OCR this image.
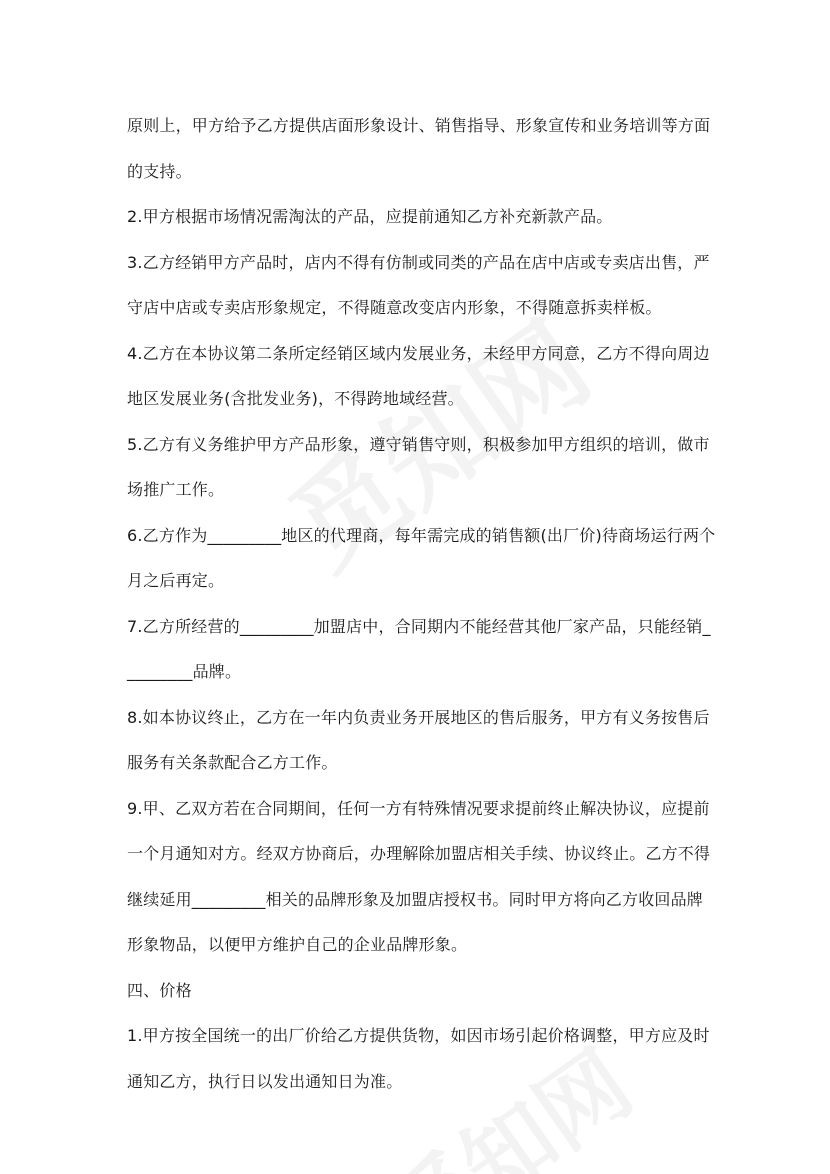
原则上，甲方给予乙方提供店面形象设计、销售指导、形象宣传和业务培训等方面的支持。

2.甲方根据市场情况需淘汰的产品，应提前通知乙方补充新款产品。

3.乙方经销甲方产品时，店内不得有仿制或同类的产品在店中店或专卖店出售，严守店中店或专卖店形象规定，不得随意改变店内形象，不得随意拆卖样板。

4.乙方在本协议第二条所定经销区域内发展业务，未经甲方同意，乙方不得向周边地区发展业务(含批发业务)，不得跨地域经营。

5.乙方有义务维护甲方产品形象，遵守销售守则，积极参加甲方组织的培训，做市场推广工作。

6.乙方作为_________地区的代理商，每年需完成的销售额(出厂价)待商场运行两个月之后再定。

7.乙方所经营的_________加盟店中，合同期内不能经营其他厂家产品，只能经销_________品牌。

8.如本协议终止，乙方在一年内负责业务开展地区的售后服务，甲方有义务按售后服务有关条款配合乙方工作。

9.甲、乙双方若在合同期间，任何一方有特殊情况要求提前终止解决协议，应提前一个月通知对方。经双方协商后，办理解除加盟店相关手续、协议终止。乙方不得继续延用_________相关的品牌形象及加盟店授权书。同时甲方将向乙方收回品牌形象物品，以便甲方维护自己的企业品牌形象。

四、价格

1.甲方按全国统一的出厂价给乙方提供货物，如因市场引起价格调整，甲方应及时通知乙方，执行日以发出通知日为准。
